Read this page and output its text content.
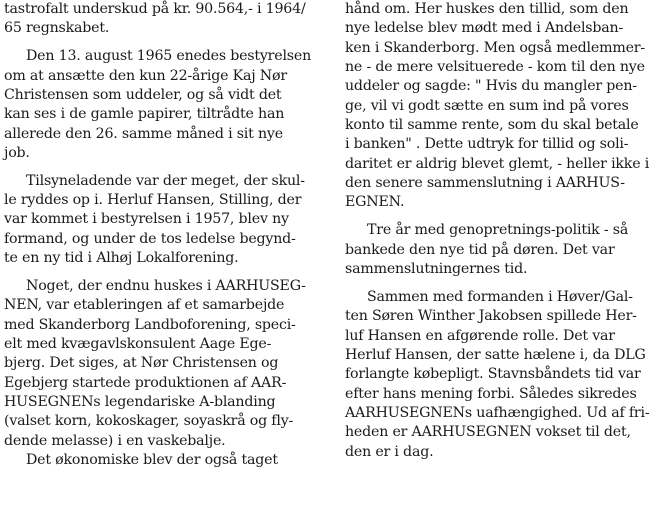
tastrofalt underskud på kr. 90.564,- i 1964/
65 regnskabet.
Den 13. august 1965 enedes bestyrelsen
om at ansætte den kun 22-årige Kaj Nør
Christensen som uddeler, og så vidt det
kan ses i de gamle papirer, tiltrådte han
allerede den 26. samme måned i sit nye
job.
Tilsyneladende var der meget, der skul-
le ryddes op i. Herluf Hansen, Stilling, der
var kommet i bestyrelsen i 1957, blev ny
formand, og under de tos ledelse begynd-
te en ny tid i Alhøj Lokalforening.
Noget, der endnu huskes i AARHUSEG-
NEN, var etableringen af et samarbejde
med Skanderborg Landboforening, speci-
elt med kvægavlskonsulent Aage Ege-
bjerg. Det siges, at Nør Christensen og
Egebjerg startede produktionen af AAR-
HUSEGNENs legendariske A-blanding
(valset korn, kokoskager, soyaskrå og fly-
dende melasse) i en vaskebalje.
Det økonomiske blev der også taget
hånd om. Her huskes den tillid, som den
nye ledelse blev mødt med i Andelsban-
ken i Skanderborg. Men også medlemmer-
ne - de mere velsituerede - kom til den nye
uddeler og sagde: " Hvis du mangler pen-
ge, vil vi godt sætte en sum ind på vores
konto til samme rente, som du skal betale
i banken" . Dette udtryk for tillid og soli-
daritet er aldrig blevet glemt, - heller ikke i
den senere sammenslutning i AARHUS-
EGNEN.
Tre år med genopretnings-politik - så
bankede den nye tid på døren. Det var
sammenslutningernes tid.
Sammen med formanden i Høver/Gal-
ten Søren Winther Jakobsen spillede Her-
luf Hansen en afgørende rolle. Det var
Herluf Hansen, der satte hælene i, da DLG
forlangte købepligt. Stavnsbåndets tid var
efter hans mening forbi. Således sikredes
AARHUSEGNENs uafhængighed. Ud af fri-
heden er AARHUSEGNEN vokset til det,
den er i dag.
